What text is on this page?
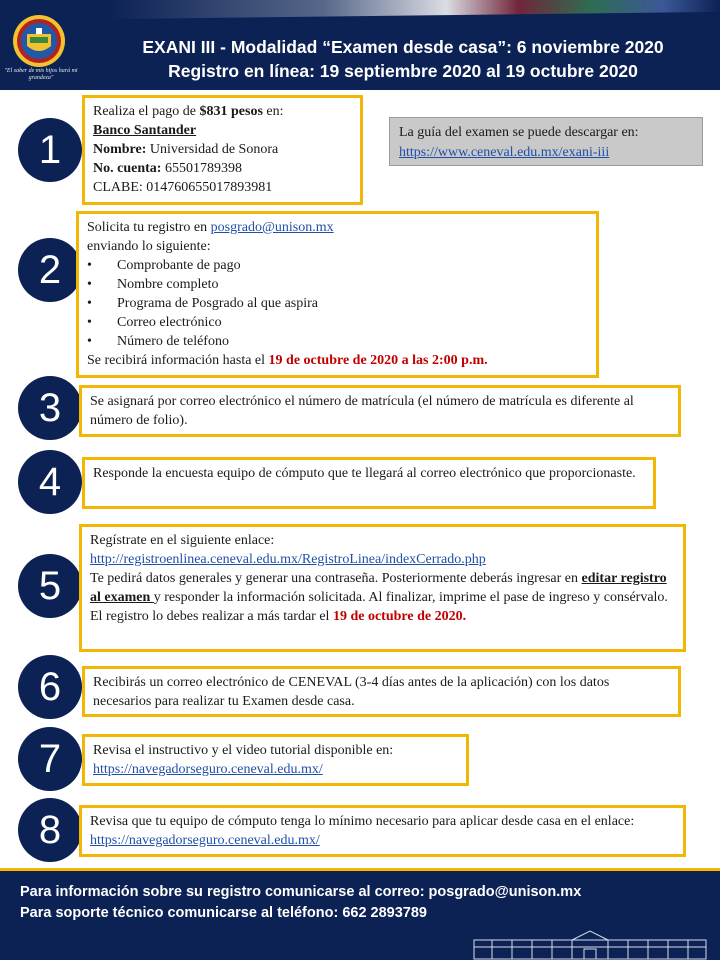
"El saber de mis hijos hará mi grandeza"
EXANI III - Modalidad “Examen desde casa”: 6 noviembre 2020
Registro en línea: 19 septiembre 2020 al 19 octubre 2020
1
Realiza el pago de $831 pesos en:
Banco Santander
Nombre: Universidad de Sonora
No. cuenta: 65501789398
CLABE: 014760655017893981
La guía del examen se puede descargar en:
https://www.ceneval.edu.mx/exani-iii
2
Solicita tu registro en posgrado@unison.mx
enviando lo siguiente:
•	Comprobante de pago
•	Nombre completo
•	Programa de Posgrado al que aspira
•	Correo electrónico
•	Número de teléfono
Se recibirá información hasta el 19 de octubre de 2020 a las 2:00 p.m.
3	Se asignará por correo electrónico el número de matrícula (el número de matrícula es diferente al número de folio).
4	Responde la encuesta equipo de cómputo que te llegará al correo electrónico que proporcionaste.
5
Regístrate en el siguiente enlace:
http://registroenlinea.ceneval.edu.mx/RegistroLinea/indexCerrado.php
Te pedirá datos generales y generar una contraseña. Posteriormente deberás ingresar en editar registro al examen y responder la información solicitada. Al finalizar, imprime el pase de ingreso y consérvalo. El registro lo debes realizar a más tardar el 19 de octubre de 2020.
6	Recibirás un correo electrónico de CENEVAL (3-4 días antes de la aplicación) con los datos necesarios para realizar tu Examen desde casa.
7	Revisa el instructivo y el video tutorial disponible en:
https://navegadorseguro.ceneval.edu.mx/
8	Revisa que tu equipo de cómputo tenga lo mínimo necesario para aplicar desde casa en el enlace: https://navegadorseguro.ceneval.edu.mx/
Para información sobre su registro comunicarse al correo: posgrado@unison.mx
Para soporte técnico comunicarse al teléfono: 662 2893789
